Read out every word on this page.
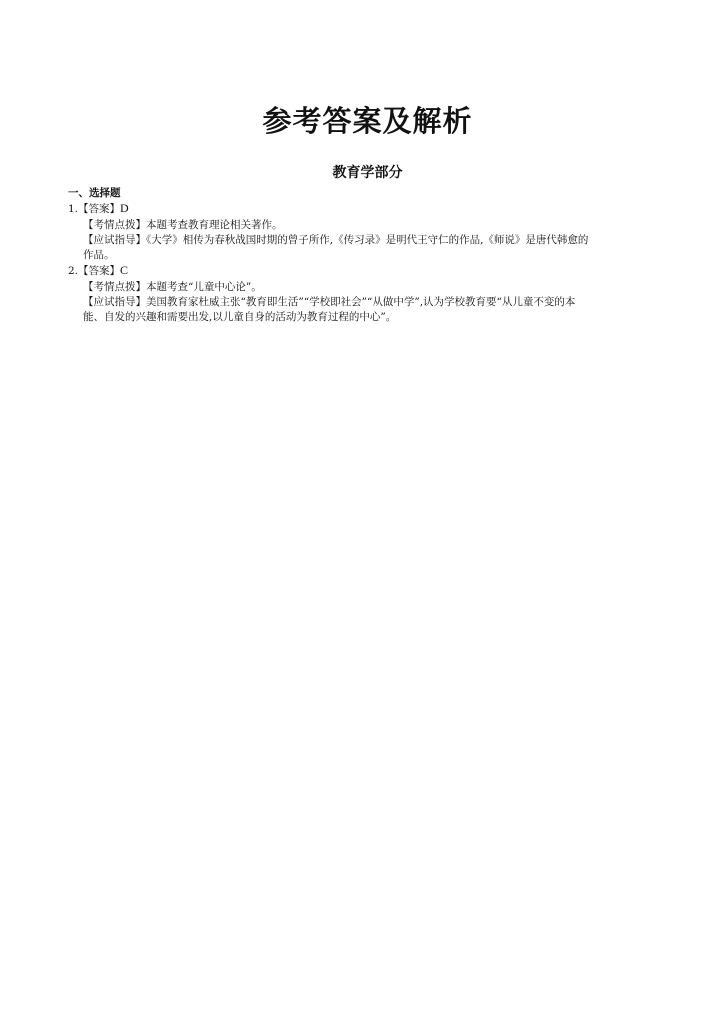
参考答案及解析
教育学部分
一、选择题
1.【答案】D
【考情点拨】本题考查教育理论相关著作。
【应试指导】《大学》相传为春秋战国时期的曾子所作,《传习录》是明代王守仁的作品,《师说》是唐代韩愈的
作品。
2.【答案】C
【考情点拨】本题考查“儿童中心论”。
【应试指导】美国教育家杜威主张“教育即生活”“学校即社会”“从做中学”,认为学校教育要“从儿童不变的本
能、自发的兴趣和需要出发,以儿童自身的活动为教育过程的中心”。
